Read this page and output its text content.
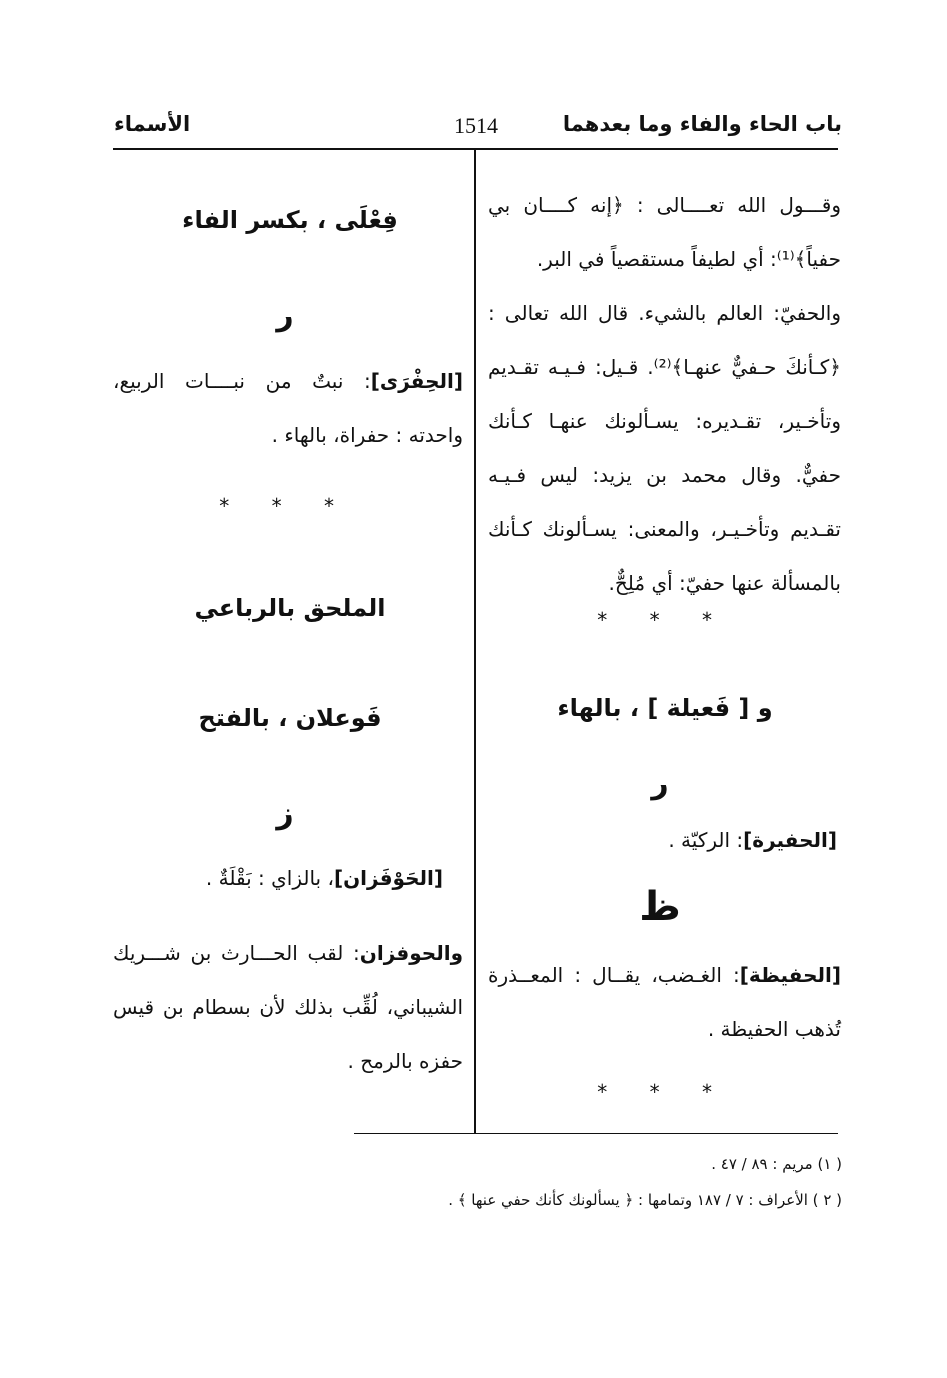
باب الحاء والفاء وما بعدهما
1514
الأسماء
وقـــول الله تعــــالى : ﴿إنه كــــان بي حفياً﴾⁽¹⁾: أي لطيفاً مستقصياً في البر.
والحفيّ: العالم بالشيء. قال الله تعالى : ﴿كـأنكَ حـفيٌّ عنهـا﴾⁽²⁾. قـيل: فـيـه تقـديم وتأخـير، تقـديره: يسـألونك عنهـا كـأنك حفيٌّ. وقال محمد بن يزيد: ليس فـيـه تقـديم وتأخـيـر، والمعنى: يسـألونك كـأنك بالمسألة عنها حفيّ: أي مُلِحٌّ.
* * *
و [ فَعيلة ] ، بالهاء
ر
[الحفيرة]: الركيّة .
ظ
[الحفيظة]: الغـضب، يقــال : المعــذرة تُذهب الحفيظة .
* * *
فِعْلَى ، بكسر الفاء
ر
[الحِفْرَى]: نبتٌ من نبــــات الربيع، واحدته : حفراة، بالهاء .
* * *
الملحق بالرباعي
فَوعلان ، بالفتح
ز
[الحَوْفَزان]، بالزاي : بَقْلَةٌ .
والحوفزان: لقب الحـــارث بن شـــريك الشيباني، لُقِّب بذلك لأن بسطام بن قيس حفزه بالرمح .
( ١) مريم : ٨٩ / ٤٧ .
( ٢ ) الأعراف : ٧ / ١٨٧ وتمامها : ﴿ يسألونك كأنك حفي عنها ﴾ .
